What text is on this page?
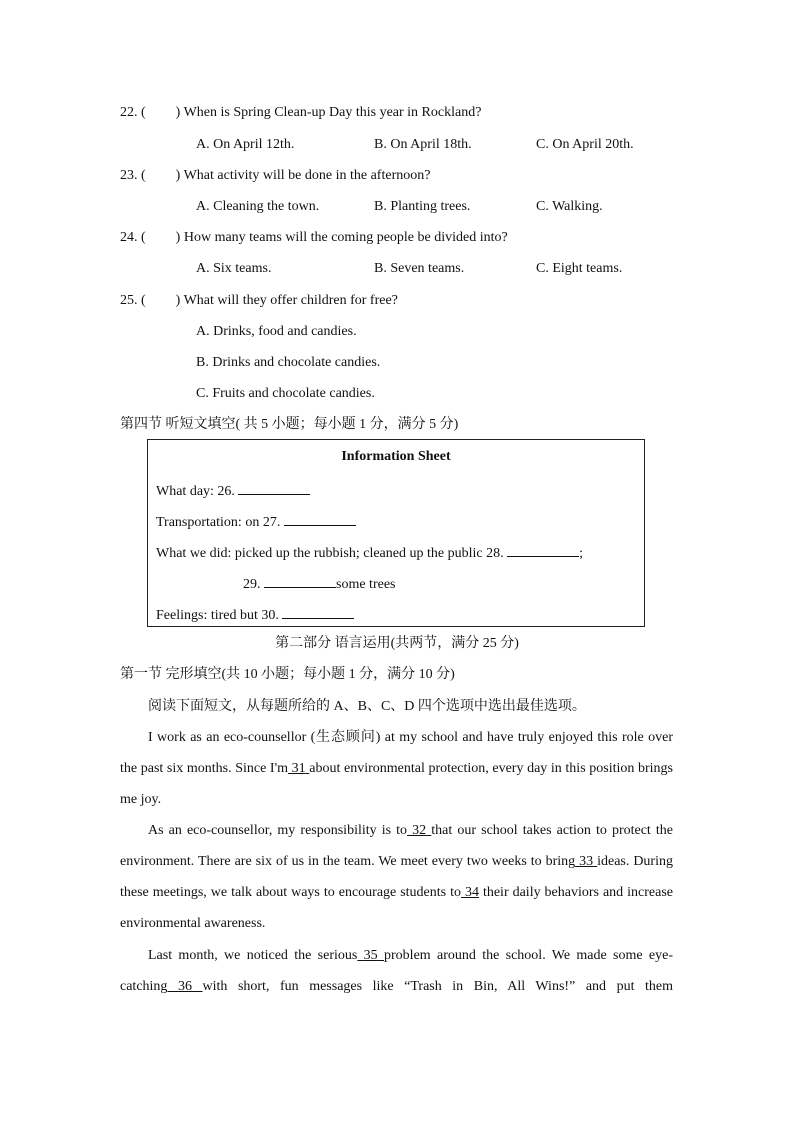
22. ( ) When is Spring Clean-up Day this year in Rockland?
A. On April 12th.	B. On April 18th.	C. On April 20th.
23. ( ) What activity will be done in the afternoon?
A. Cleaning the town.	B. Planting trees.	C. Walking.
24. ( ) How many teams will the coming people be divided into?
A. Six teams.	B. Seven teams.	C. Eight teams.
25. ( ) What will they offer children for free?
A. Drinks, food and candies.
B. Drinks and chocolate candies.
C. Fruits and chocolate candies.
第四节 听短文填空( 共 5 小题；每小题 1 分，满分 5 分)
Information Sheet
What day: 26.
Transportation: on 27.
What we did: picked up the rubbish; cleaned up the public 28.	;
29.	some trees
Feelings: tired but 30.
第二部分 语言运用(共两节，满分 25 分)
第一节 完形填空(共 10 小题；每小题 1 分，满分 10 分)
阅读下面短文，从每题所给的 A、B、C、D 四个选项中选出最佳选项。
I work as an eco-counsellor (生态顾问) at my school and have truly enjoyed this role over the past six months. Since I'm 31 about environmental protection, every day in this position brings me joy.
As an eco-counsellor, my responsibility is to 32 that our school takes action to protect the environment. There are six of us in the team. We meet every two weeks to bring 33 ideas. During these meetings, we talk about ways to encourage students to 34 their daily behaviors and increase environmental awareness.
Last month, we noticed the serious 35 problem around the school. We made some eye-catching 36 with short, fun messages like “Trash in Bin, All Wins!” and put them
